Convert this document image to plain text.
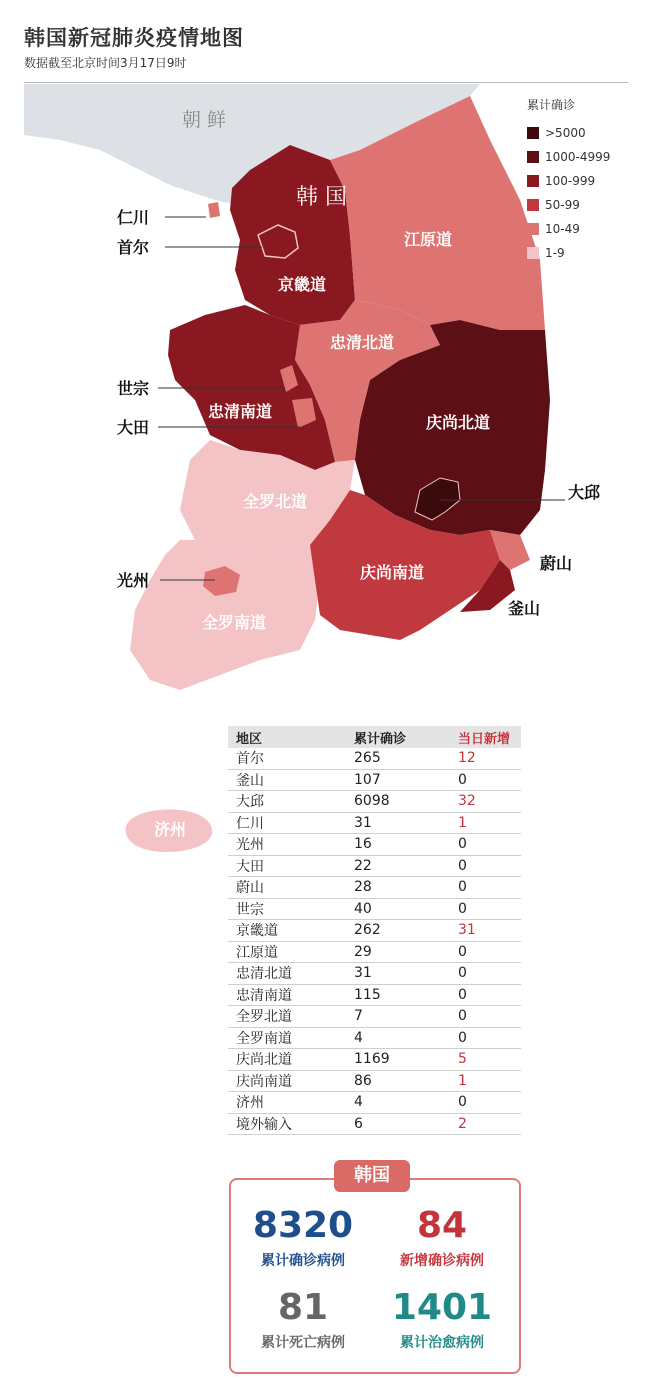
韩国新冠肺炎疫情地图
数据截至北京时间3月17日9时
朝 鲜
韩 国
仁川
首尔
京畿道
江原道
忠清北道
世宗
忠清南道
大田	庆尚北道
大邱
全罗北道
光州
全罗南道
庆尚南道	蔚山
釜山
济州
累计确诊
>5000
1000-4999
100-999
50-99
10-49
1-9
地区	累计确诊	当日新增
首尔	265	12
釜山	107	0
大邱	6098	32
仁川	31	1
光州	16	0
大田	22	0
蔚山	28	0
世宗	40	0
京畿道	262	31
江原道	29	0
忠清北道	31	0
忠清南道	115	0
全罗北道	7	0
全罗南道	4	0
庆尚北道	1169	5
庆尚南道	86	1
济州	4	0
境外输入	6	2
韩国
8320
累计确诊病例
84
新增确诊病例
81
累计死亡病例
1401
累计治愈病例
